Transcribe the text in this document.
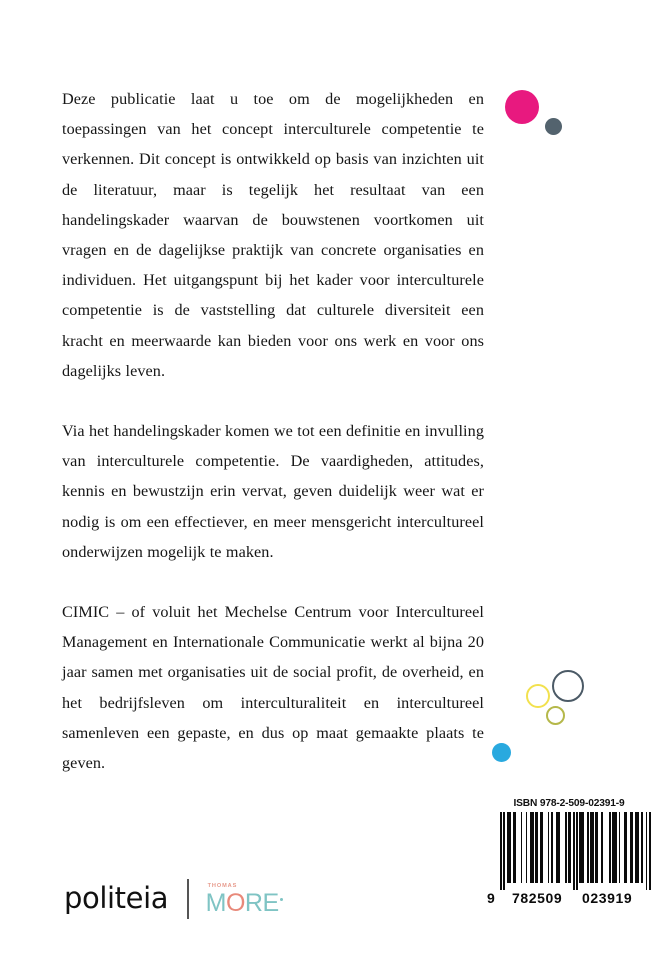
Deze publicatie laat u toe om de mogelijkheden en toepassingen van het concept interculturele competentie te verkennen. Dit concept is ontwikkeld op basis van inzichten uit de literatuur, maar is tegelijk het resultaat van een handelingskader waarvan de bouwstenen voortkomen uit vragen en de dagelijkse praktijk van concrete organisaties en individuen. Het uitgangspunt bij het kader voor interculturele competentie is de vaststelling dat culturele diversiteit een kracht en meerwaarde kan bieden voor ons werk en voor ons dagelijks leven.

Via het handelingskader komen we tot een definitie en invulling van interculturele competentie. De vaardigheden, attitudes, kennis en bewustzijn erin vervat, geven duidelijk weer wat er nodig is om een effectiever, en meer mensgericht intercultureel onderwijzen mogelijk te maken.

CIMIC – of voluit het Mechelse Centrum voor Intercultureel Management en Internationale Communicatie werkt al bijna 20 jaar samen met organisaties uit de social profit, de overheid, en het bedrijfsleven om interculturaliteit en intercultureel samenleven een gepaste, en dus op maat gemaakte plaats te geven.

ISBN 978-2-509-02391-9
9 782509 023919
politeia	THOMAS
MORE
